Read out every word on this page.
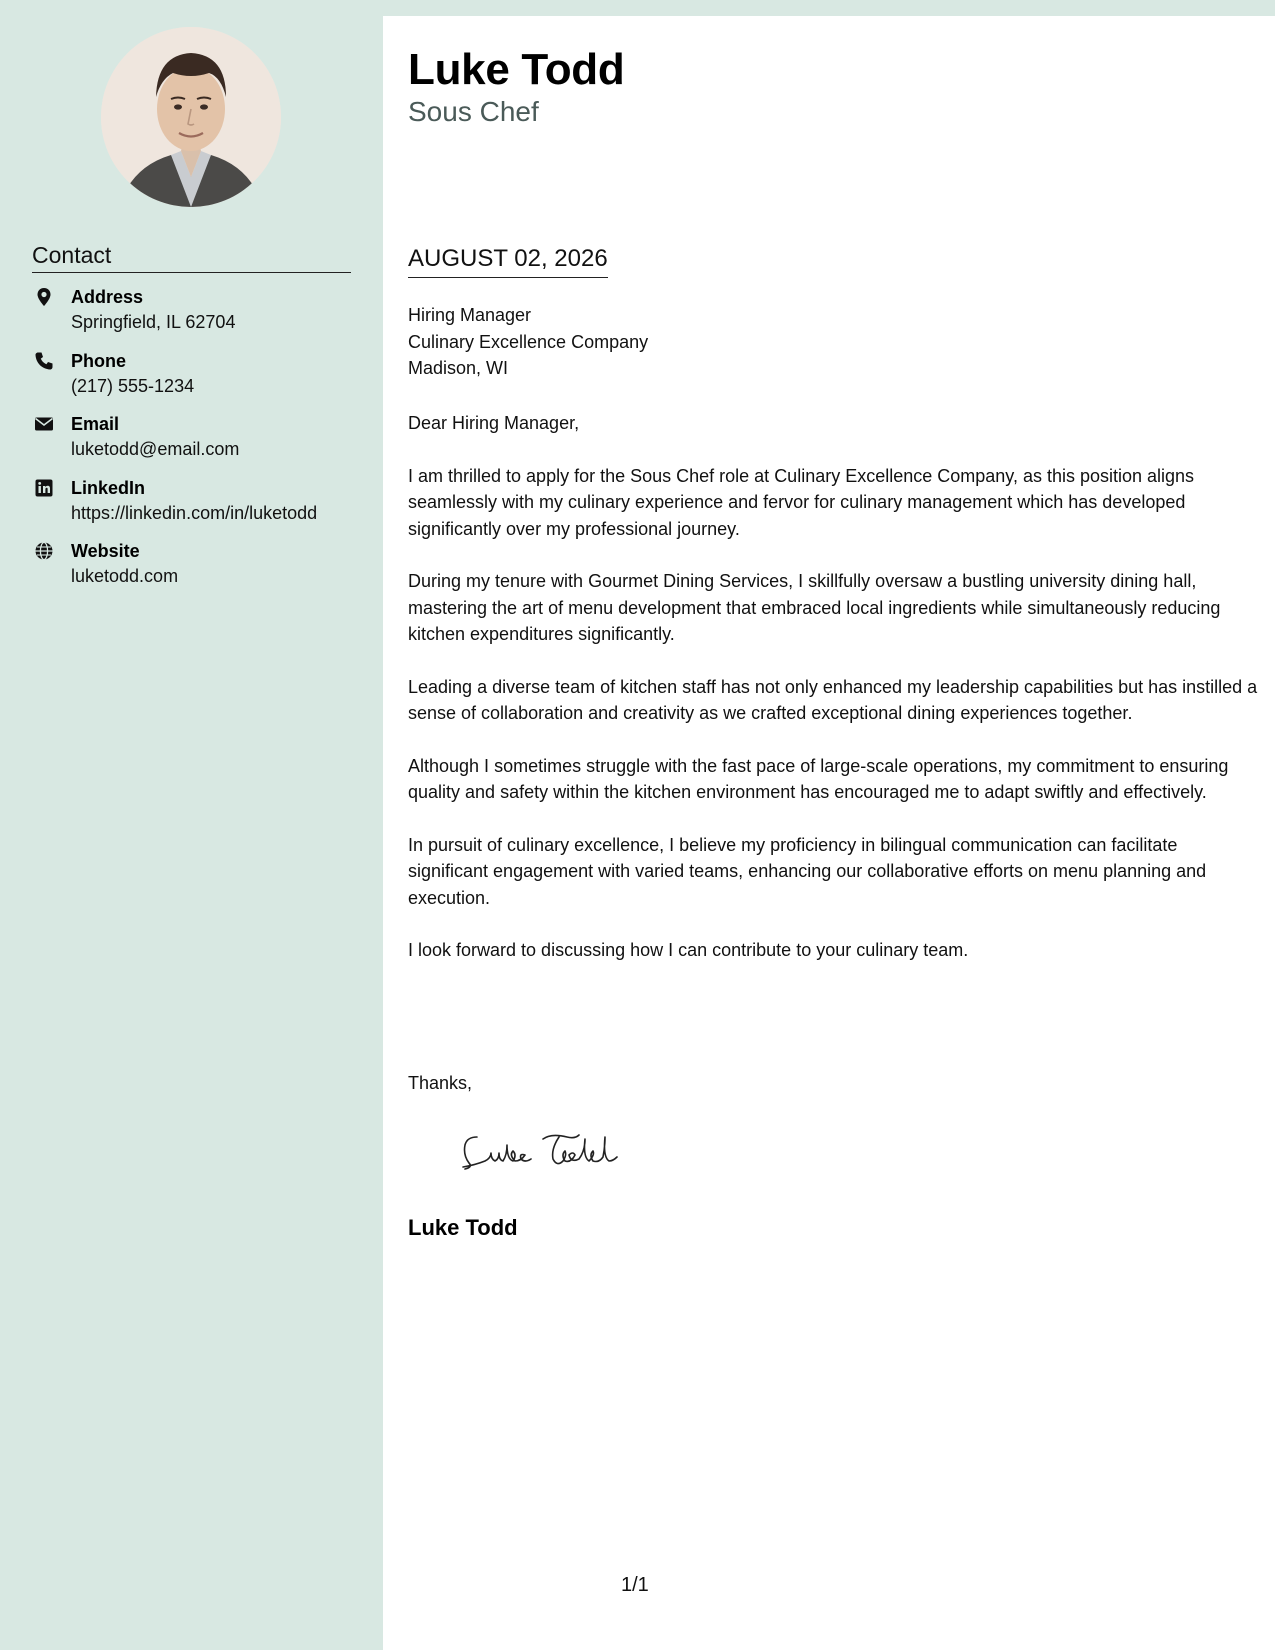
Contact
Address
Springfield, IL 62704
Phone
(217) 555-1234
Email
luketodd@email.com
LinkedIn
https://linkedin.com/in/luketodd
Website
luketodd.com
Luke Todd
Sous Chef
AUGUST 02, 2026
Hiring Manager
Culinary Excellence Company
Madison, WI

Dear Hiring Manager,

I am thrilled to apply for the Sous Chef role at Culinary Excellence Company, as this position aligns seamlessly with my culinary experience and fervor for culinary management which has developed significantly over my professional journey.

During my tenure with Gourmet Dining Services, I skillfully oversaw a bustling university dining hall, mastering the art of menu development that embraced local ingredients while simultaneously reducing kitchen expenditures significantly.

Leading a diverse team of kitchen staff has not only enhanced my leadership capabilities but has instilled a sense of collaboration and creativity as we crafted exceptional dining experiences together.

Although I sometimes struggle with the fast pace of large-scale operations, my commitment to ensuring quality and safety within the kitchen environment has encouraged me to adapt swiftly and effectively.

In pursuit of culinary excellence, I believe my proficiency in bilingual communication can facilitate significant engagement with varied teams, enhancing our collaborative efforts on menu planning and execution.

I look forward to discussing how I can contribute to your culinary team.

Thanks,
Luke Todd
1/1
